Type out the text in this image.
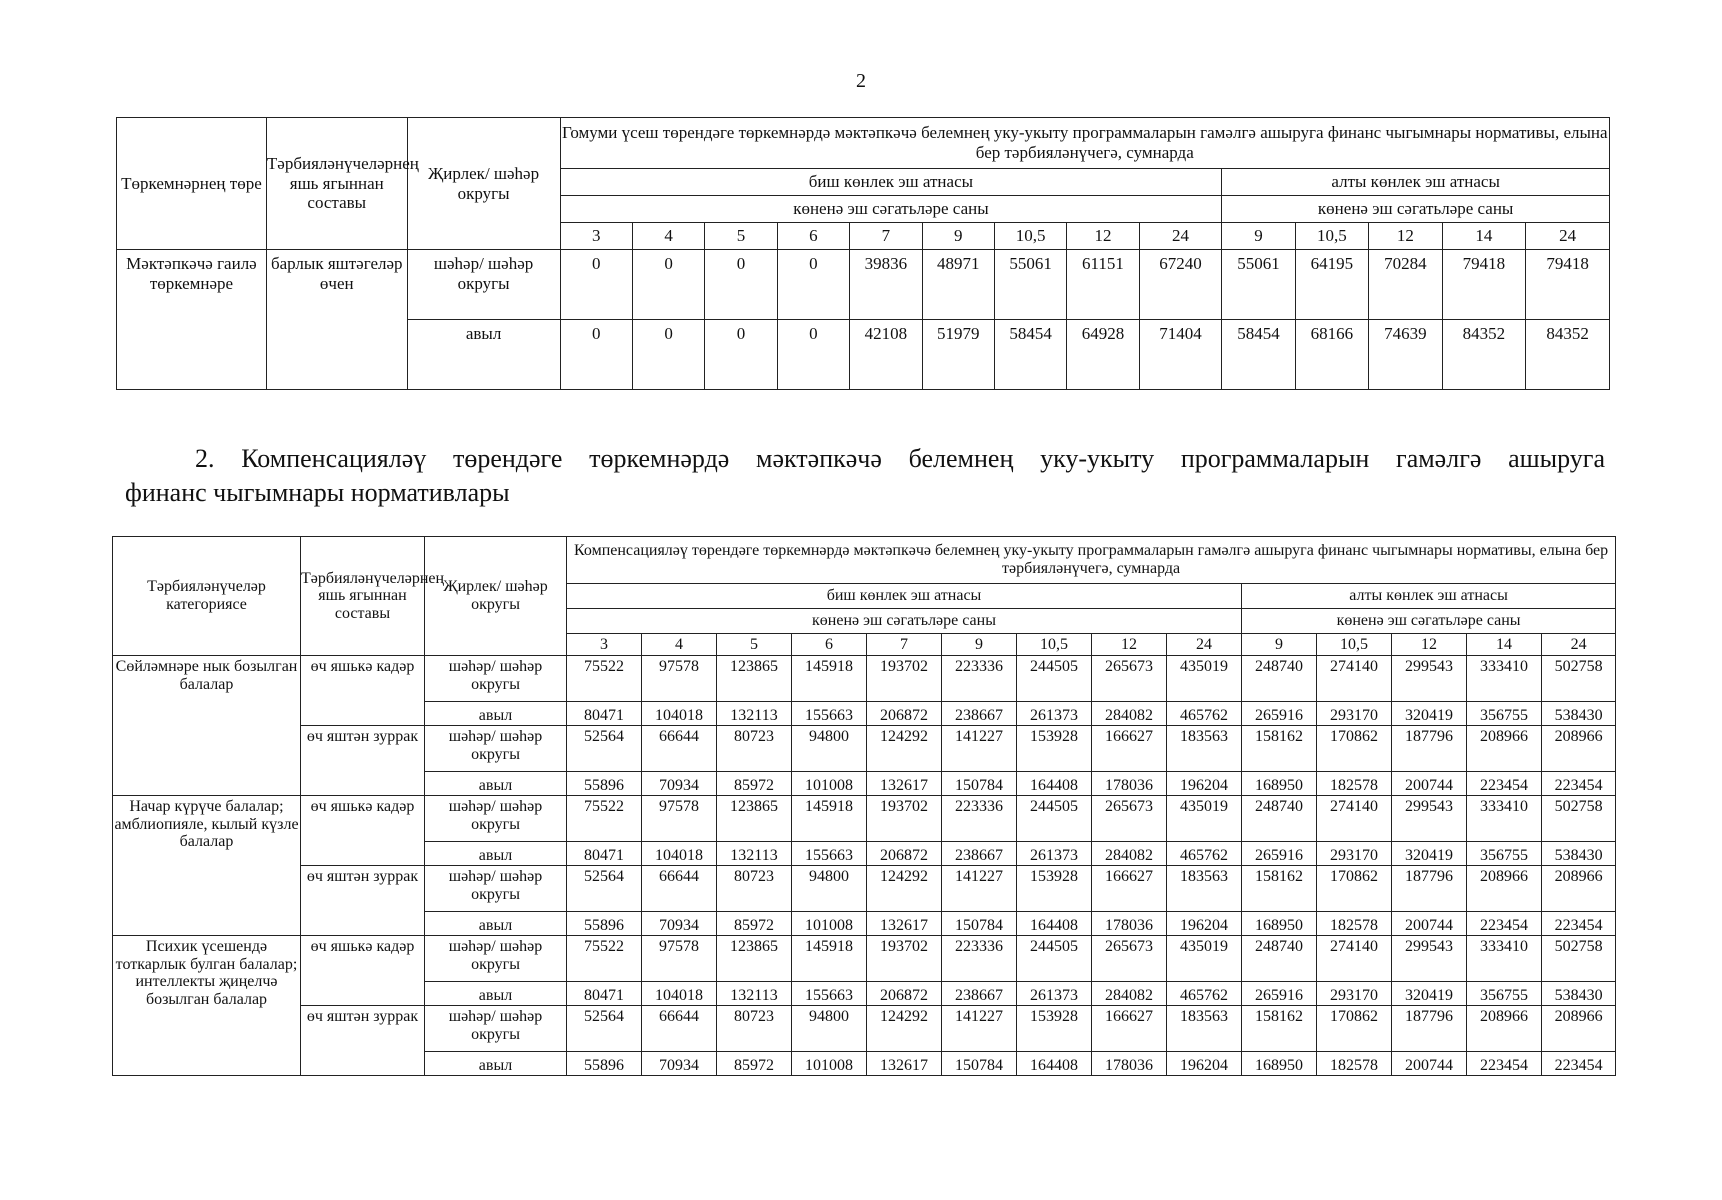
2
Төркемнәрнең төре	Тәрбияләнүчеләрнең яшь ягыннан составы	Җирлек/ шәһәр округы	Гомуми үсеш төрендәге төркемнәрдә мәктәпкәчә белемнең уку-укыту программаларын гамәлгә ашыруга финанс чыгымнары нормативы, елына бер тәрбияләнүчегә, сумнарда													
			биш көнлек эш атнасы									алты көнлек эш атнасы				
			көненә эш сәгатьләре саны									көненә эш сәгатьләре саны				
			3	4	5	6	7	9	10,5	12	24	9	10,5	12	14	24
Мәктәпкәчә гаилә төркемнәре	барлык яштәгеләр өчен	шәһәр/ шәһәр округы	0	0	0	0	39836	48971	55061	61151	67240	55061	64195	70284	79418	79418
		авыл	0	0	0	0	42108	51979	58454	64928	71404	58454	68166	74639	84352	84352
2. Компенсацияләү төрендәге төркемнәрдә мәктәпкәчә белемнең уку-укыту программаларын гамәлгә ашыруга
финанс чыгымнары нормативлары
Тәрбияләнүчеләр категориясе	Тәрбияләнүчеләрнең яшь ягыннан составы	Җирлек/ шәһәр округы	Компенсацияләү төрендәге төркемнәрдә мәктәпкәчә белемнең уку-укыту программаларын гамәлгә ашыруга финанс чыгымнары нормативы, елына бер тәрбияләнүчегә, сумнарда													
			биш көнлек эш атнасы									алты көнлек эш атнасы				
			көненә эш сәгатьләре саны									көненә эш сәгатьләре саны				
			3	4	5	6	7	9	10,5	12	24	9	10,5	12	14	24
Сөйләмнәре нык бозылган балалар	өч яшькә кадәр	шәһәр/ шәһәр округы	75522	97578	123865	145918	193702	223336	244505	265673	435019	248740	274140	299543	333410	502758
		авыл	80471	104018	132113	155663	206872	238667	261373	284082	465762	265916	293170	320419	356755	538430
	өч яштән зуррак	шәһәр/ шәһәр округы	52564	66644	80723	94800	124292	141227	153928	166627	183563	158162	170862	187796	208966	208966
		авыл	55896	70934	85972	101008	132617	150784	164408	178036	196204	168950	182578	200744	223454	223454
Начар күрүче балалар; амблиопияле, кылый күзле балалар	өч яшькә кадәр	шәһәр/ шәһәр округы	75522	97578	123865	145918	193702	223336	244505	265673	435019	248740	274140	299543	333410	502758
		авыл	80471	104018	132113	155663	206872	238667	261373	284082	465762	265916	293170	320419	356755	538430
	өч яштән зуррак	шәһәр/ шәһәр округы	52564	66644	80723	94800	124292	141227	153928	166627	183563	158162	170862	187796	208966	208966
		авыл	55896	70934	85972	101008	132617	150784	164408	178036	196204	168950	182578	200744	223454	223454
Психик үсешендә тоткарлык булган балалар; интеллекты җиңелчә бозылган балалар	өч яшькә кадәр	шәһәр/ шәһәр округы	75522	97578	123865	145918	193702	223336	244505	265673	435019	248740	274140	299543	333410	502758
		авыл	80471	104018	132113	155663	206872	238667	261373	284082	465762	265916	293170	320419	356755	538430
	өч яштән зуррак	шәһәр/ шәһәр округы	52564	66644	80723	94800	124292	141227	153928	166627	183563	158162	170862	187796	208966	208966
		авыл	55896	70934	85972	101008	132617	150784	164408	178036	196204	168950	182578	200744	223454	223454
